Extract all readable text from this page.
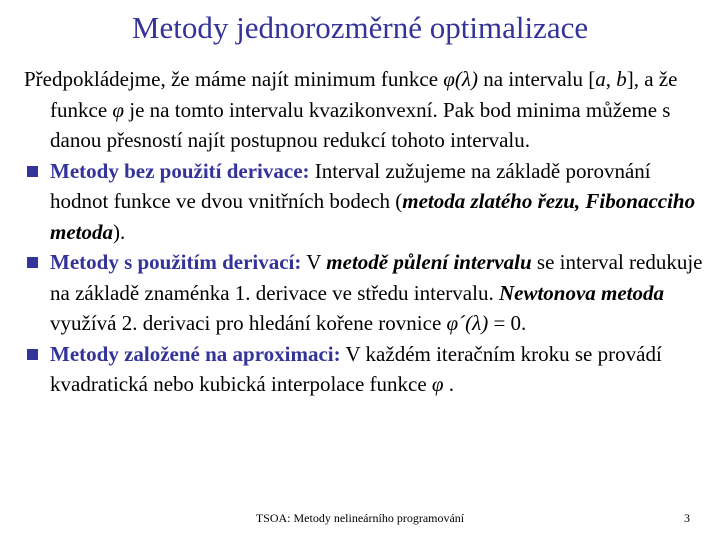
Metody jednorozměrné optimalizace

Předpokládejme, že máme najít minimum funkce φ(λ) na intervalu [a, b], a že funkce φ je na tomto intervalu kvazikonvexní. Pak bod minima můžeme s danou přesností najít postupnou redukcí tohoto intervalu.

Metody bez použití derivace: Interval zužujeme na základě porovnání hodnot funkce ve dvou vnitřních bodech (metoda zlatého řezu, Fibonacciho metoda).
Metody s použitím derivací: V metodě půlení intervalu se interval redukuje na základě znaménka 1. derivace ve středu intervalu. Newtonova metoda využívá 2. derivaci pro hledání kořene rovnice φ´(λ) = 0.
Metody založené na aproximaci: V každém iteračním kroku se provádí kvadratická nebo kubická interpolace funkce φ .
TSOA: Metody nelineárního programování	3
